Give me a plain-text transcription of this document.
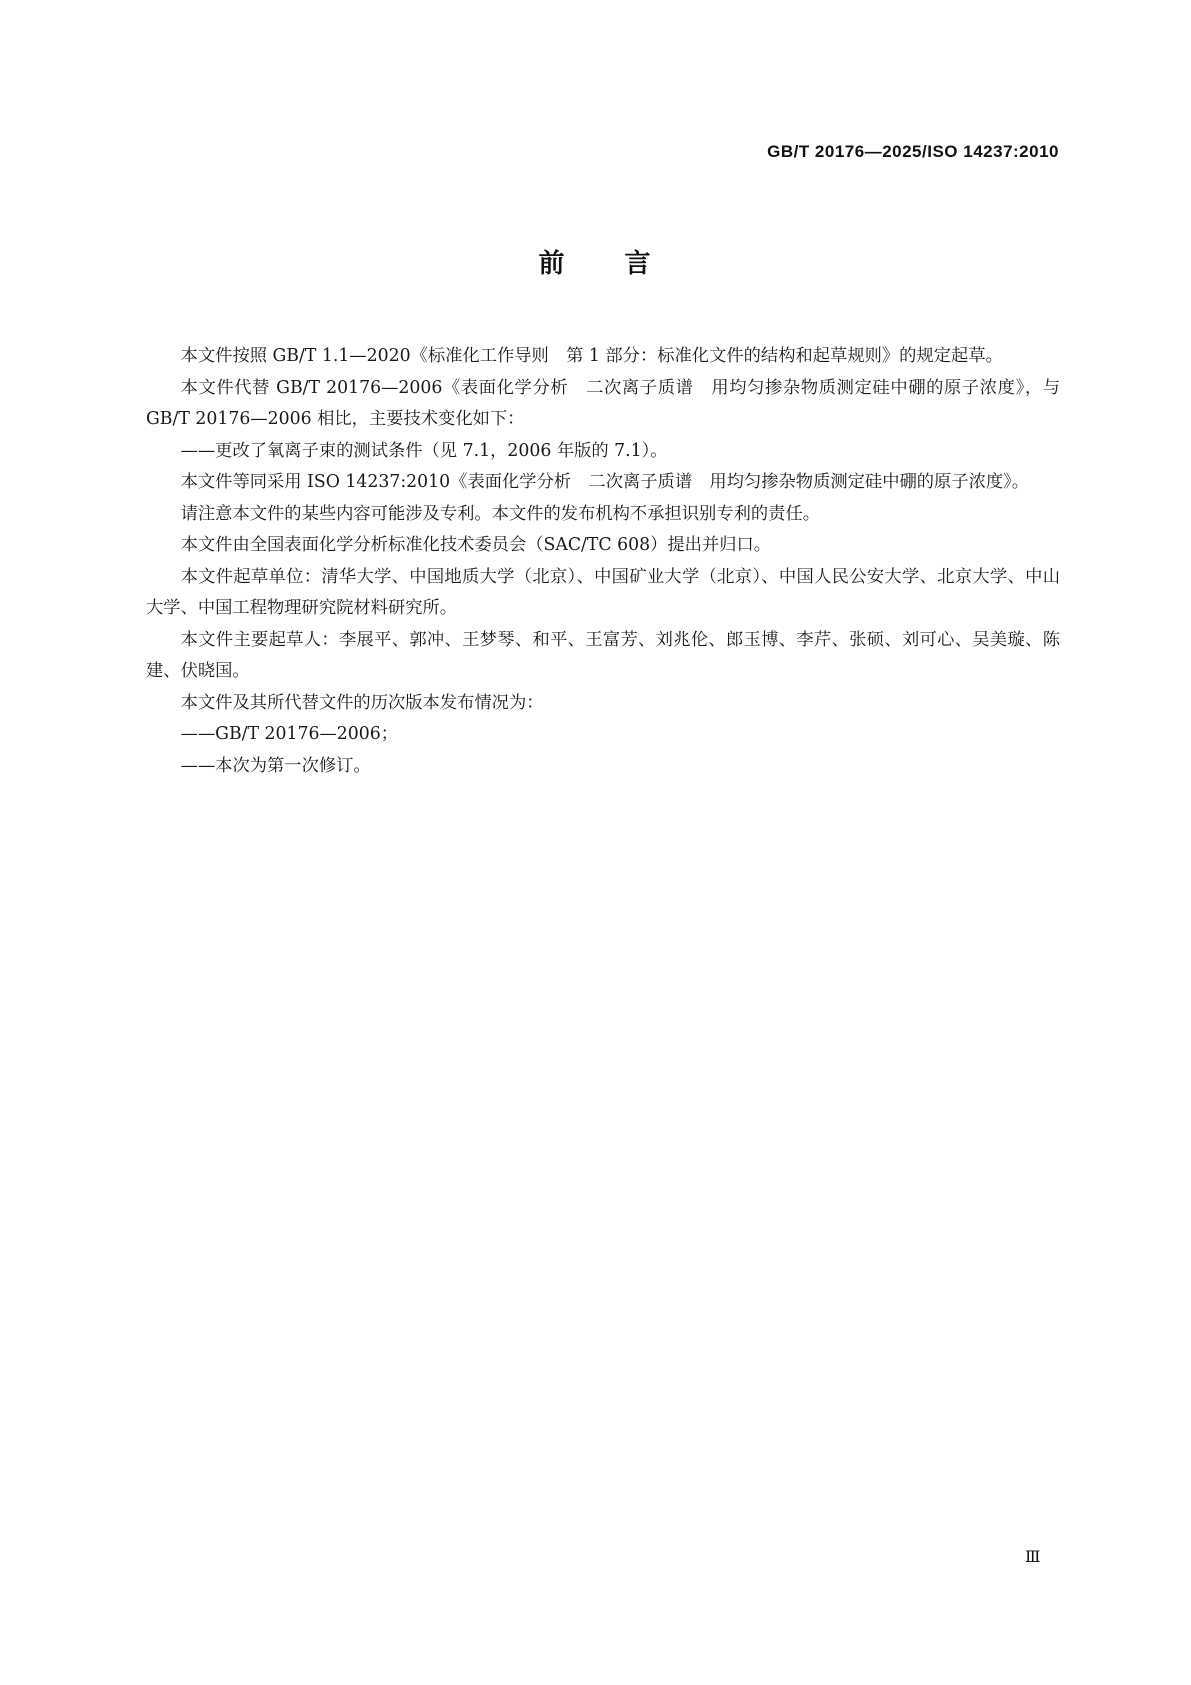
GB/T 20176—2025/ISO 14237:2010
前 言

本文件按照 GB/T 1.1—2020《标准化工作导则　第 1 部分：标准化文件的结构和起草规则》的规定起草。

本文件代替 GB/T 20176—2006《表面化学分析　二次离子质谱　用均匀掺杂物质测定硅中硼的原子浓度》，与 GB/T 20176—2006 相比，主要技术变化如下：

——更改了氧离子束的测试条件（见 7.1，2006 年版的 7.1）。

本文件等同采用 ISO 14237:2010《表面化学分析　二次离子质谱　用均匀掺杂物质测定硅中硼的原子浓度》。

请注意本文件的某些内容可能涉及专利。本文件的发布机构不承担识别专利的责任。

本文件由全国表面化学分析标准化技术委员会（SAC/TC 608）提出并归口。

本文件起草单位：清华大学、中国地质大学（北京）、中国矿业大学（北京）、中国人民公安大学、北京大学、中山大学、中国工程物理研究院材料研究所。

本文件主要起草人：李展平、郭冲、王梦琴、和平、王富芳、刘兆伦、郎玉博、李芹、张硕、刘可心、吴美璇、陈建、伏晓国。

本文件及其所代替文件的历次版本发布情况为：

——GB/T 20176—2006；

——本次为第一次修订。

Ⅲ
